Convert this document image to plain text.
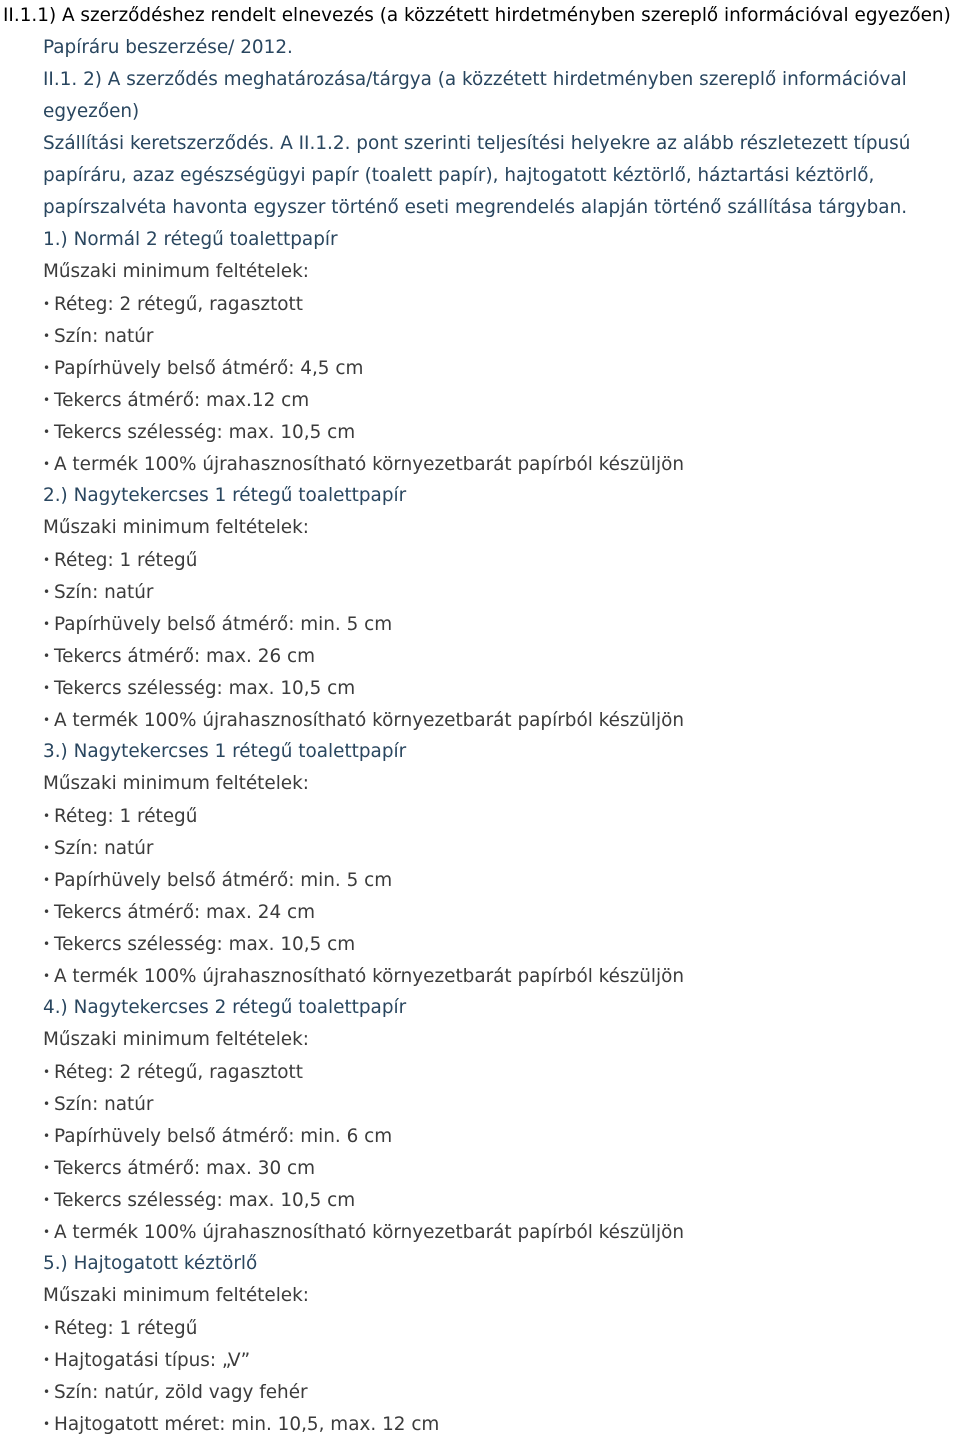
II.1.1) A szerződéshez rendelt elnevezés (a közzétett hirdetményben szereplő információval egyezően)
Papíráru beszerzése/ 2012.
II.1. 2) A szerződés meghatározása/tárgya (a közzétett hirdetményben szereplő információval
egyezően)
Szállítási keretszerződés. A II.1.2. pont szerinti teljesítési helyekre az alább részletezett típusú
papíráru, azaz egészségügyi papír (toalett papír), hajtogatott kéztörlő, háztartási kéztörlő,
papírszalvéta havonta egyszer történő eseti megrendelés alapján történő szállítása tárgyban.
1.) Normál 2 rétegű toalettpapír
Műszaki minimum feltételek:
• Réteg: 2 rétegű, ragasztott
• Szín: natúr
• Papírhüvely belső átmérő: 4,5 cm
• Tekercs átmérő: max.12 cm
• Tekercs szélesség: max. 10,5 cm
• A termék 100% újrahasznosítható környezetbarát papírból készüljön
2.) Nagytekercses 1 rétegű toalettpapír
Műszaki minimum feltételek:
• Réteg: 1 rétegű
• Szín: natúr
• Papírhüvely belső átmérő: min. 5 cm
• Tekercs átmérő: max. 26 cm
• Tekercs szélesség: max. 10,5 cm
• A termék 100% újrahasznosítható környezetbarát papírból készüljön
3.) Nagytekercses 1 rétegű toalettpapír
Műszaki minimum feltételek:
• Réteg: 1 rétegű
• Szín: natúr
• Papírhüvely belső átmérő: min. 5 cm
• Tekercs átmérő: max. 24 cm
• Tekercs szélesség: max. 10,5 cm
• A termék 100% újrahasznosítható környezetbarát papírból készüljön
4.) Nagytekercses 2 rétegű toalettpapír
Műszaki minimum feltételek:
• Réteg: 2 rétegű, ragasztott
• Szín: natúr
• Papírhüvely belső átmérő: min. 6 cm
• Tekercs átmérő: max. 30 cm
• Tekercs szélesség: max. 10,5 cm
• A termék 100% újrahasznosítható környezetbarát papírból készüljön
5.) Hajtogatott kéztörlő
Műszaki minimum feltételek:
• Réteg: 1 rétegű
• Hajtogatási típus: „V”
• Szín: natúr, zöld vagy fehér
• Hajtogatott méret: min. 10,5, max. 12 cm
